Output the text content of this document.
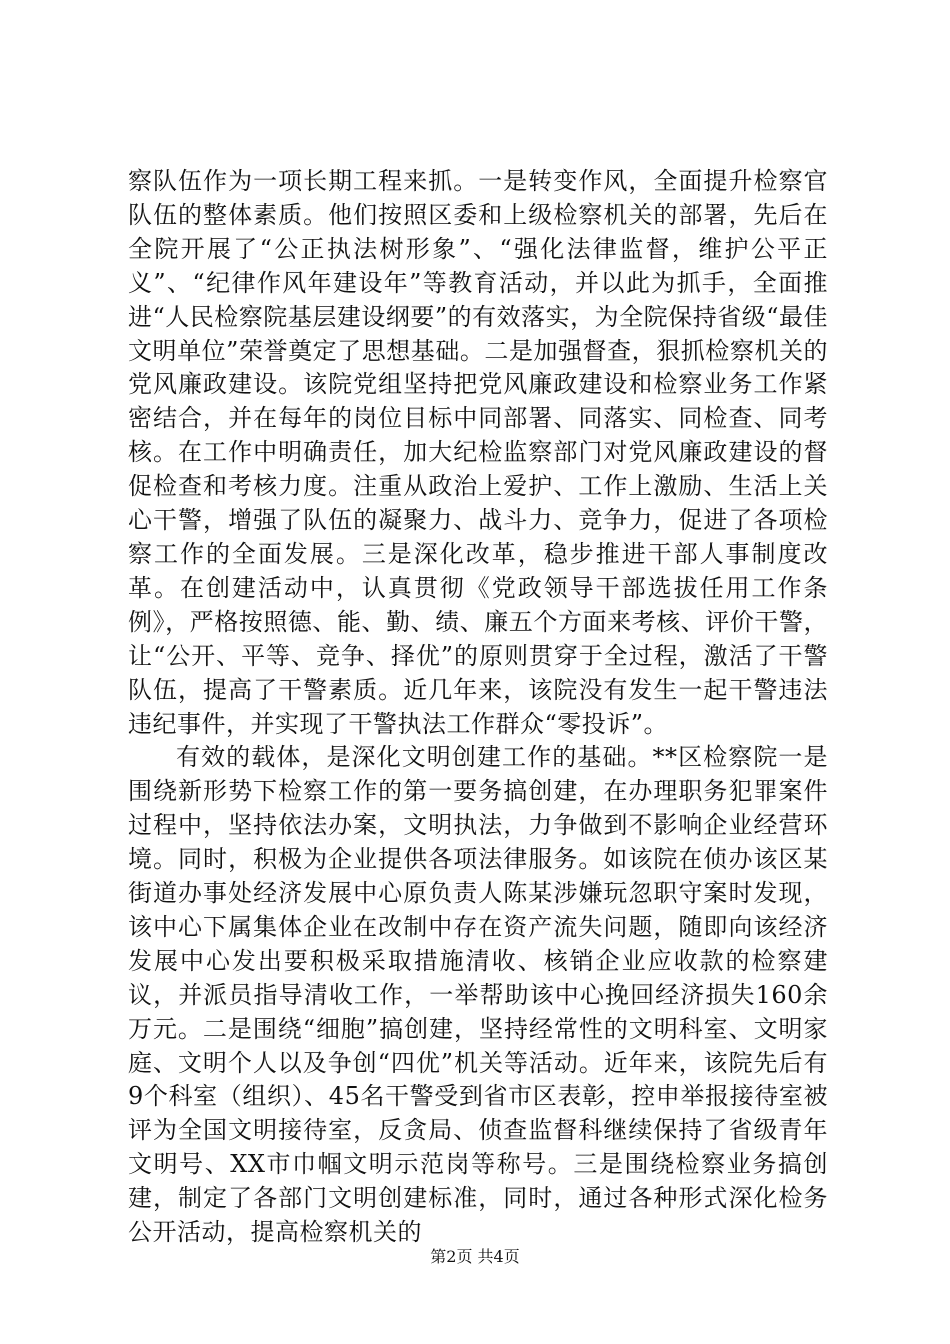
察队伍作为一项长期工程来抓。一是转变作风，全面提升检察官队伍的整体素质。他们按照区委和上级检察机关的部署，先后在全院开展了“公正执法树形象”、“强化法律监督，维护公平正义”、“纪律作风年建设年”等教育活动，并以此为抓手，全面推进“人民检察院基层建设纲要”的有效落实，为全院保持省级“最佳文明单位”荣誉奠定了思想基础。二是加强督查，狠抓检察机关的党风廉政建设。该院党组坚持把党风廉政建设和检察业务工作紧密结合，并在每年的岗位目标中同部署、同落实、同检查、同考核。在工作中明确责任，加大纪检监察部门对党风廉政建设的督促检查和考核力度。注重从政治上爱护、工作上激励、生活上关心干警，增强了队伍的凝聚力、战斗力、竞争力，促进了各项检察工作的全面发展。三是深化改革，稳步推进干部人事制度改革。在创建活动中，认真贯彻《党政领导干部选拔任用工作条例》，严格按照德、能、勤、绩、廉五个方面来考核、评价干警，让“公开、平等、竞争、择优”的原则贯穿于全过程，激活了干警队伍，提高了干警素质。近几年来，该院没有发生一起干警违法违纪事件，并实现了干警执法工作群众“零投诉”。

有效的载体，是深化文明创建工作的基础。**区检察院一是围绕新形势下检察工作的第一要务搞创建，在办理职务犯罪案件过程中，坚持依法办案，文明执法，力争做到不影响企业经营环境。同时，积极为企业提供各项法律服务。如该院在侦办该区某街道办事处经济发展中心原负责人陈某涉嫌玩忽职守案时发现，该中心下属集体企业在改制中存在资产流失问题，随即向该经济发展中心发出要积极采取措施清收、核销企业应收款的检察建议，并派员指导清收工作，一举帮助该中心挽回经济损失160余万元。二是围绕“细胞”搞创建，坚持经常性的文明科室、文明家庭、文明个人以及争创“四优”机关等活动。近年来，该院先后有9个科室（组织）、45名干警受到省市区表彰，控申举报接待室被评为全国文明接待室，反贪局、侦查监督科继续保持了省级青年文明号、XX市巾帼文明示范岗等称号。三是围绕检察业务搞创建，制定了各部门文明创建标准，同时，通过各种形式深化检务公开活动，提高检察机关的

第2页 共4页
